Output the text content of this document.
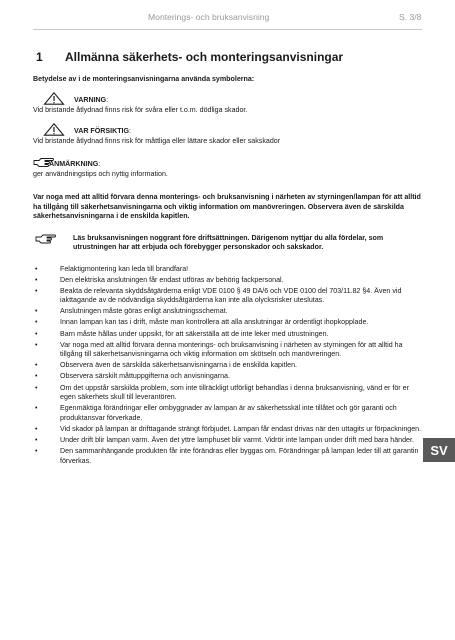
Monterings- och bruksanvisning	S. 3/8
1 Allmänna säkerhets- och monteringsanvisningar

Betydelse av i de monteringsanvisningarna använda symbolerna:

VARNING:

Vid bristande åtlydnad finns risk för svåra eller t.o.m. dödliga skador.

VAR FÖRSIKTIG:

Vid bristande åtlydnad finns risk för måttliga eller lättare skador eller sakskador

ANMÄRKNING:

ger användningstips och nyttig information.

Var noga med att alltid förvara denna monterings- och bruksanvisning i närheten av styrningen/lampan för att alltid ha tillgång till säkerhetsanvisningarna och viktig information om manövreringen. Observera även de särskilda säkerhetsanvisningarna i de enskilda kapitlen.

Läs bruksanvisningen noggrant före driftsättningen. Därigenom nyttjar du alla fördelar, som utrustningen har att erbjuda och förebygger personskador och sakskador.
•	Felaktigmontering kan leda till brandfara!
•	Den elektriska anslutningen får endast utföras av behörig fackpersonal.
•	Beakta de relevanta skyddsåtgärderna enligt VDE 0100 § 49 DA/6 och VDE 0100 del 703/11.82 §4. Även vid iakttagande av de nödvändiga skyddsåtgärderna kan inte alla olycksrisker uteslutas.
•	Anslutningen måste göras enligt anslutningsschemat.
•	Innan lampan kan tas i drift, måste man kontrollera att alla anslutningar är ordentligt ihopkopplade.
•	Barn måste hållas under uppsikt, för att säkerställa att de inte leker med utrustningen.
•	Var noga med att alltid förvara denna monterings- och bruksanvisning i närheten av styrningen för att alltid ha tillgång till säkerhetsanvisningarna och viktig information om skötseln och manövreringen.
•	Observera även de särskilda säkerhetsanvisningarna i de enskilda kapitlen.
•	Observera särskilt måttuppgifterna och anvisningarna.
•	Om det uppstår särskilda problem, som inte tillräckligt utförligt behandlas i denna bruksanvisning, vänd er för er egen säkerhets skull till leverantören.
•	Egenmäktiga förändringar eller ombyggnader av lampan är av säkerhetsskäl inte tillåtet och gör garanti och produktansvar förverkade.
•	Vid skador på lampan är drifttagande strängt förbjudet. Lampan får endast drivas när den uttagits ur förpackningen.
•	Under drift blir lampan varm. Även det yttre lamphuset blir varmt. Vidrör inte lampan under drift med bara händer.
•	Den sammanhängande produkten får inte förändras eller byggas om. Förändringar på lampan leder till att garantin förverkas.
SV
